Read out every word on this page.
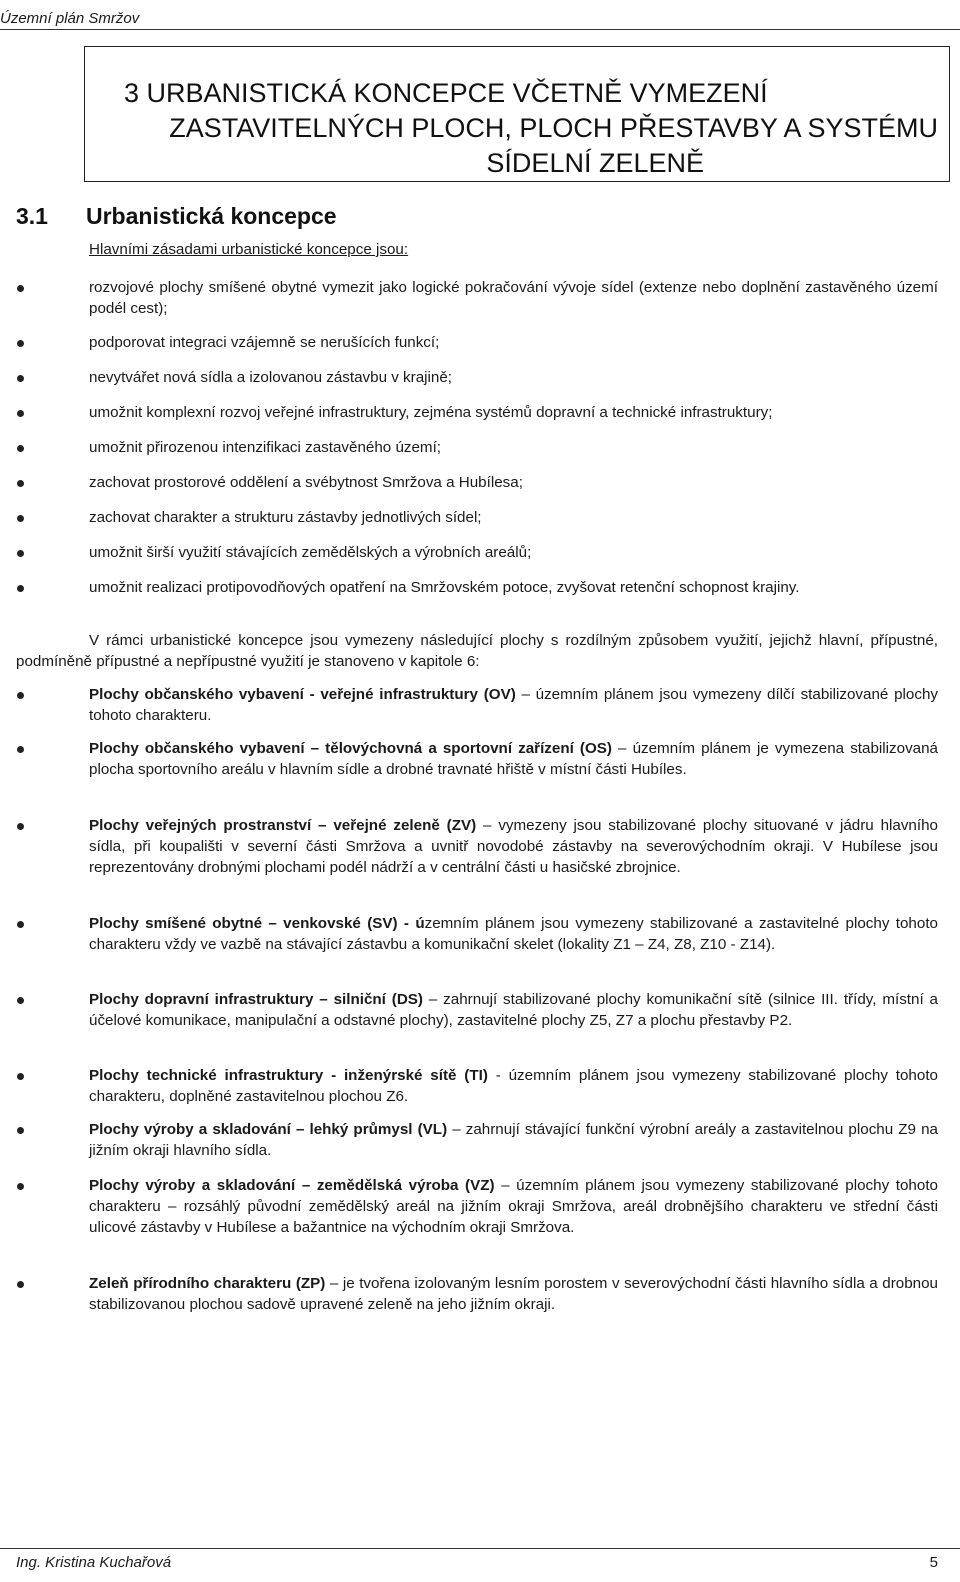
Územní plán Smržov
3 URBANISTICKÁ KONCEPCE VČETNĚ VYMEZENÍ
ZASTAVITELNÝCH PLOCH, PLOCH PŘESTAVBY A SYSTÉMU
SÍDELNÍ ZELENĚ
3.1 Urbanistická koncepce
Hlavními zásadami urbanistické koncepce jsou:
rozvojové plochy smíšené obytné vymezit jako logické pokračování vývoje sídel (extenze nebo doplnění zastavěného území podél cest);
podporovat integraci vzájemně se nerušících funkcí;
nevytvářet nová sídla a izolovanou zástavbu v krajině;
umožnit komplexní rozvoj veřejné infrastruktury, zejména systémů dopravní a technické infrastruktury;
umožnit přirozenou intenzifikaci zastavěného území;
zachovat prostorové oddělení a svébytnost Smržova a Hubílesa;
zachovat charakter a strukturu zástavby jednotlivých sídel;
umožnit širší využití stávajících zemědělských a výrobních areálů;
umožnit realizaci protipovodňových opatření na Smržovském potoce, zvyšovat retenční schopnost krajiny.
V rámci urbanistické koncepce jsou vymezeny následující plochy s rozdílným způsobem využití, jejichž hlavní, přípustné, podmíněně přípustné a nepřípustné využití je stanoveno v kapitole 6:
Plochy občanského vybavení - veřejné infrastruktury (OV) – územním plánem jsou vymezeny dílčí stabilizované plochy tohoto charakteru.
Plochy občanského vybavení – tělovýchovná a sportovní zařízení (OS) – územním plánem je vymezena stabilizovaná plocha sportovního areálu v hlavním sídle a drobné travnaté hřiště v místní části Hubíles.
Plochy veřejných prostranství – veřejné zeleně (ZV) – vymezeny jsou stabilizované plochy situované v jádru hlavního sídla, při koupališti v severní části Smržova a uvnitř novodobé zástavby na severovýchodním okraji. V Hubílese jsou reprezentovány drobnými plochami podél nádrží a v centrální části u hasičské zbrojnice.
Plochy smíšené obytné – venkovské (SV) - územním plánem jsou vymezeny stabilizované a zastavitelné plochy tohoto charakteru vždy ve vazbě na stávající zástavbu a komunikační skelet (lokality Z1 – Z4, Z8, Z10 - Z14).
Plochy dopravní infrastruktury – silniční (DS) – zahrnují stabilizované plochy komunikační sítě (silnice III. třídy, místní a účelové komunikace, manipulační a odstavné plochy), zastavitelné plochy Z5, Z7 a plochu přestavby P2.
Plochy technické infrastruktury - inženýrské sítě (TI) - územním plánem jsou vymezeny stabilizované plochy tohoto charakteru, doplněné zastavitelnou plochou Z6.
Plochy výroby a skladování – lehký průmysl (VL) – zahrnují stávající funkční výrobní areály a zastavitelnou plochu Z9 na jižním okraji hlavního sídla.
Plochy výroby a skladování – zemědělská výroba (VZ) – územním plánem jsou vymezeny stabilizované plochy tohoto charakteru – rozsáhlý původní zemědělský areál na jižním okraji Smržova, areál drobnějšího charakteru ve střední části ulicové zástavby v Hubílese a bažantnice na východním okraji Smržova.
Zeleň přírodního charakteru (ZP) – je tvořena izolovaným lesním porostem v severovýchodní části hlavního sídla a drobnou stabilizovanou plochou sadově upravené zeleně na jeho jižním okraji.
Ing. Kristina Kuchařová	5
